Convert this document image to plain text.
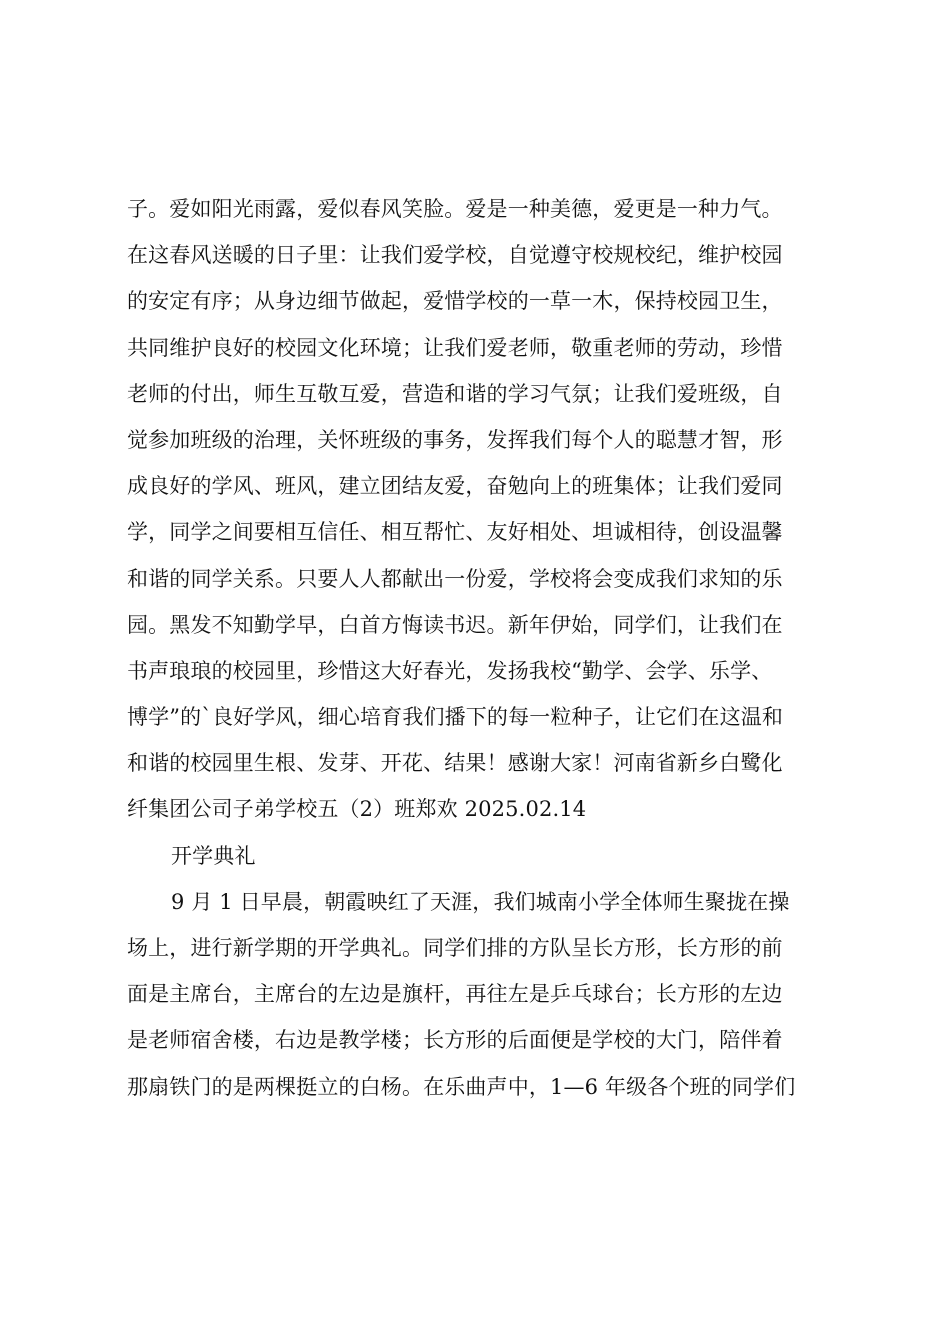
子。爱如阳光雨露，爱似春风笑脸。爱是一种美德，爱更是一种力气。
在这春风送暖的日子里：让我们爱学校，自觉遵守校规校纪，维护校园
的安定有序；从身边细节做起，爱惜学校的一草一木，保持校园卫生，
共同维护良好的校园文化环境；让我们爱老师，敬重老师的劳动，珍惜
老师的付出，师生互敬互爱，营造和谐的学习气氛；让我们爱班级，自
觉参加班级的治理，关怀班级的事务，发挥我们每个人的聪慧才智，形
成良好的学风、班风，建立团结友爱，奋勉向上的班集体；让我们爱同
学，同学之间要相互信任、相互帮忙、友好相处、坦诚相待，创设温馨
和谐的同学关系。只要人人都献出一份爱，学校将会变成我们求知的乐
园。黑发不知勤学早，白首方悔读书迟。新年伊始，同学们，让我们在
书声琅琅的校园里，珍惜这大好春光，发扬我校“勤学、会学、乐学、
博学”的`良好学风，细心培育我们播下的每一粒种子，让它们在这温和
和谐的校园里生根、发芽、开花、结果！感谢大家！河南省新乡白鹭化
纤集团公司子弟学校五（2）班郑欢 2025.02.14
开学典礼
9 月 1 日早晨，朝霞映红了天涯，我们城南小学全体师生聚拢在操
场上，进行新学期的开学典礼。同学们排的方队呈长方形，长方形的前
面是主席台，主席台的左边是旗杆，再往左是乒乓球台；长方形的左边
是老师宿舍楼，右边是教学楼；长方形的后面便是学校的大门，陪伴着
那扇铁门的是两棵挺立的白杨。在乐曲声中，1—6 年级各个班的同学们
